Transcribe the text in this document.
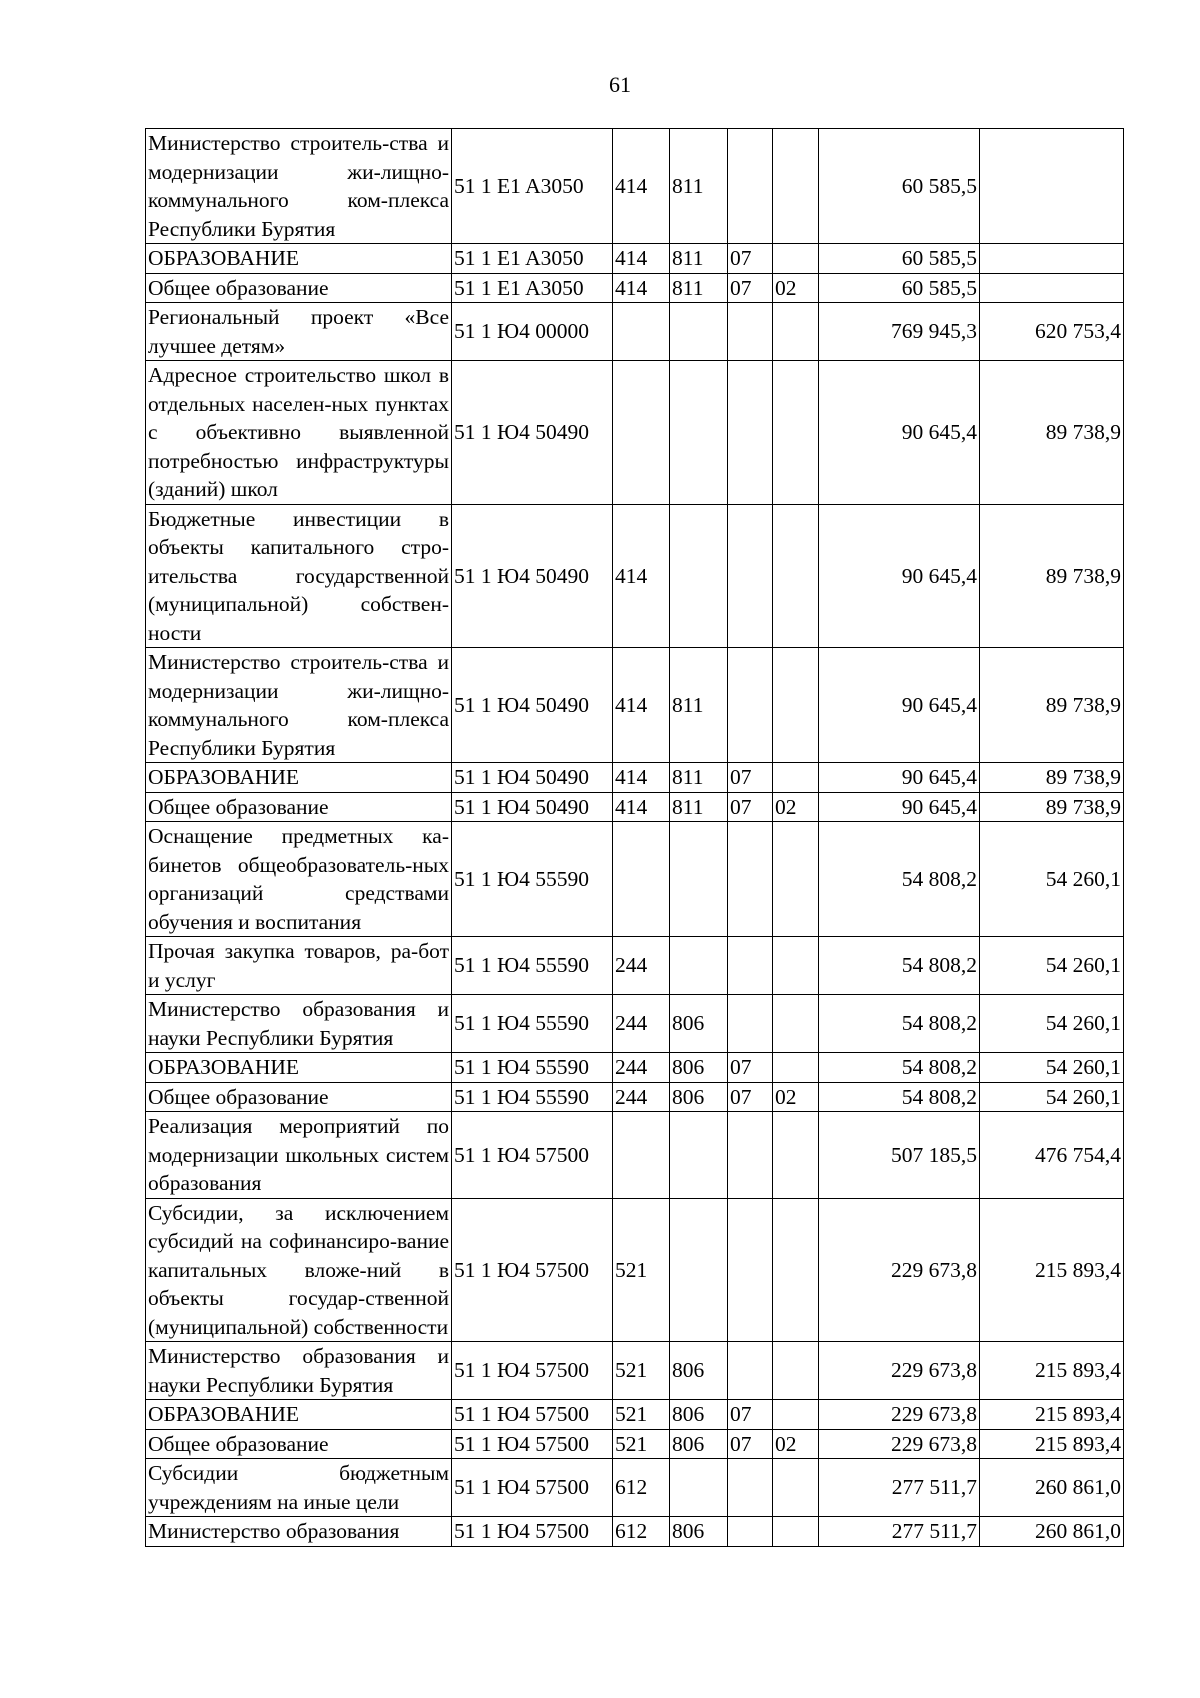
61
Министерство строитель-ства и модернизации жи-лищно-коммунального ком-плекса Республики Бурятия	51 1 E1 A3050	414	811			60 585,5	
ОБРАЗОВАНИЕ	51 1 E1 A3050	414	811	07		60 585,5	
Общее образование	51 1 E1 A3050	414	811	07	02	60 585,5	
Региональный проект «Все лучшее детям»	51 1 Ю4 00000					769 945,3	620 753,4
Адресное строительство школ в отдельных населен-ных пунктах с объективно выявленной потребностью инфраструктуры (зданий) школ	51 1 Ю4 50490					90 645,4	89 738,9
Бюджетные инвестиции в объекты капитального стро-ительства государственной (муниципальной) собствен-ности	51 1 Ю4 50490	414				90 645,4	89 738,9
Министерство строитель-ства и модернизации жи-лищно-коммунального ком-плекса Республики Бурятия	51 1 Ю4 50490	414	811			90 645,4	89 738,9
ОБРАЗОВАНИЕ	51 1 Ю4 50490	414	811	07		90 645,4	89 738,9
Общее образование	51 1 Ю4 50490	414	811	07	02	90 645,4	89 738,9
Оснащение предметных ка-бинетов общеобразователь-ных организаций средствами обучения и воспитания	51 1 Ю4 55590					54 808,2	54 260,1
Прочая закупка товаров, ра-бот и услуг	51 1 Ю4 55590	244				54 808,2	54 260,1
Министерство образования и науки Республики Бурятия	51 1 Ю4 55590	244	806			54 808,2	54 260,1
ОБРАЗОВАНИЕ	51 1 Ю4 55590	244	806	07		54 808,2	54 260,1
Общее образование	51 1 Ю4 55590	244	806	07	02	54 808,2	54 260,1
Реализация мероприятий по модернизации школьных систем образования	51 1 Ю4 57500					507 185,5	476 754,4
Субсидии, за исключением субсидий на софинансиро-вание капитальных вложе-ний в объекты государ-ственной (муниципальной) собственности	51 1 Ю4 57500	521				229 673,8	215 893,4
Министерство образования и науки Республики Бурятия	51 1 Ю4 57500	521	806			229 673,8	215 893,4
ОБРАЗОВАНИЕ	51 1 Ю4 57500	521	806	07		229 673,8	215 893,4
Общее образование	51 1 Ю4 57500	521	806	07	02	229 673,8	215 893,4
Субсидии бюджетным учреждениям на иные цели	51 1 Ю4 57500	612				277 511,7	260 861,0
Министерство образования	51 1 Ю4 57500	612	806			277 511,7	260 861,0
